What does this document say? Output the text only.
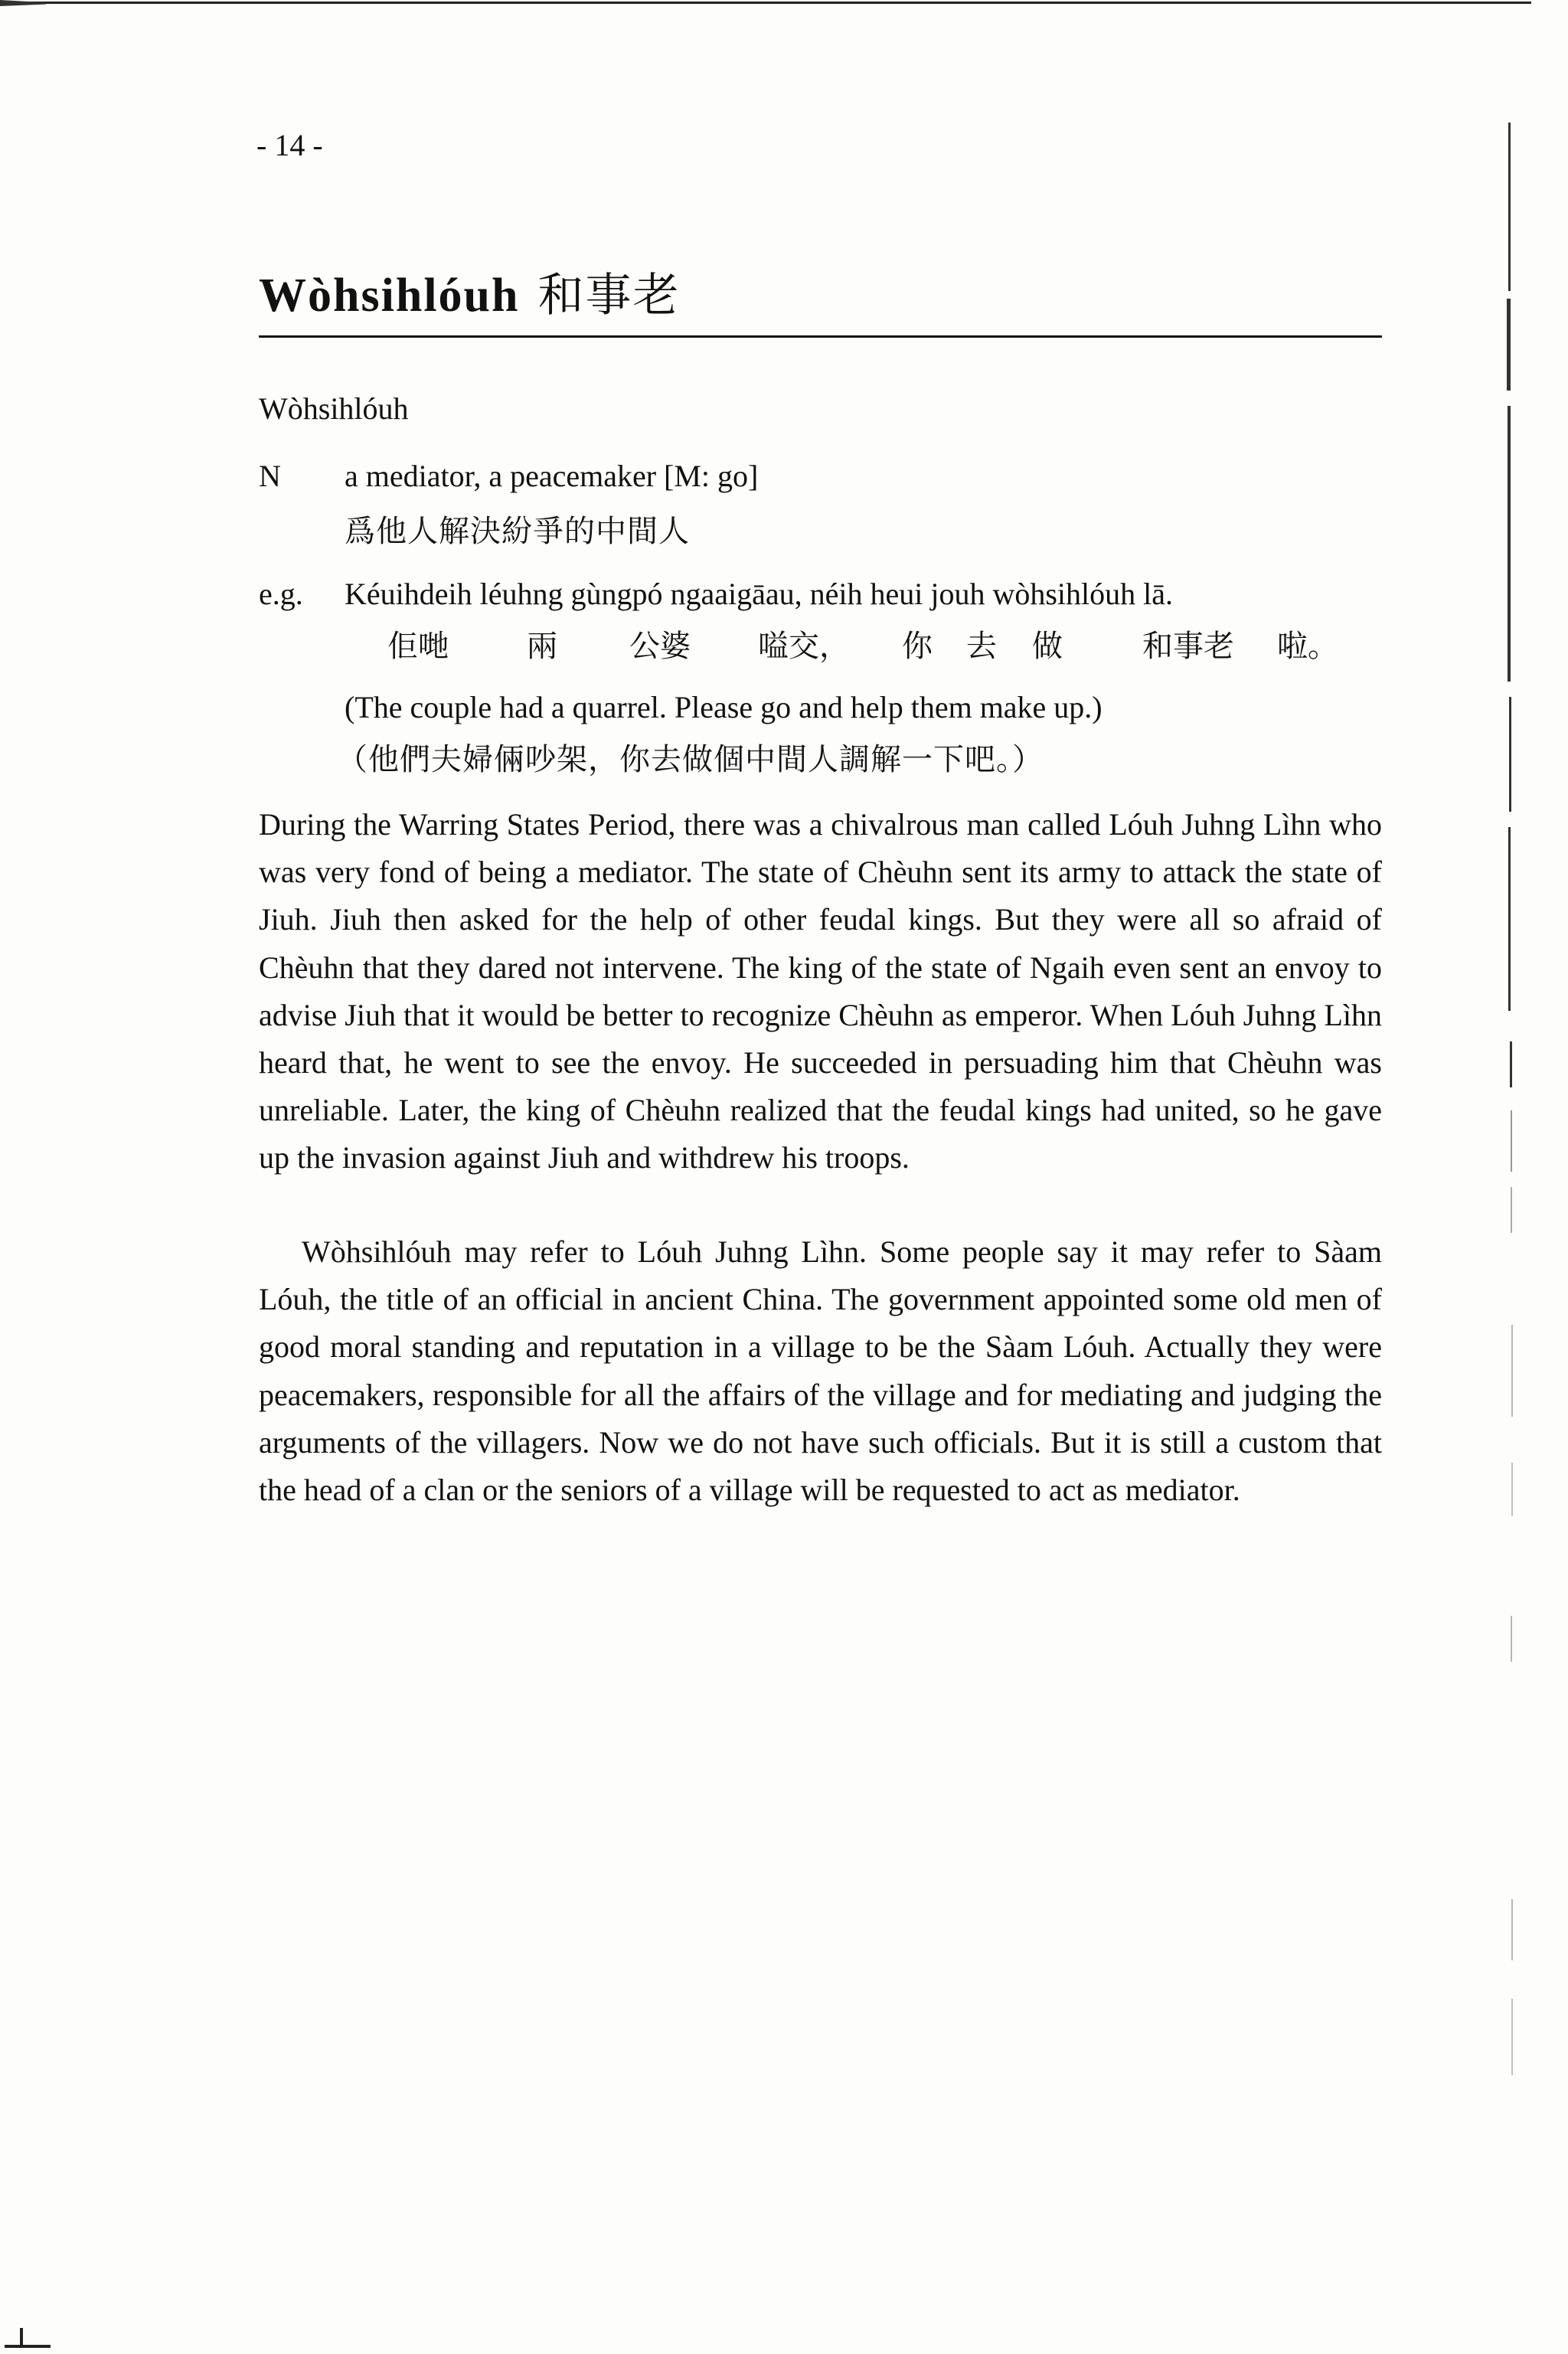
- 14 -
Wòhsihlóuh 和事老
Wòhsihlóuh
N a mediator, a peacemaker [M: go]
爲他人解決紛爭的中間人
e.g. Kéuihdeih léuhng gùngpó ngaaigāau, néih heui jouh wòhsihlóuh lā.
佢哋	兩 公婆 嗌交， 你 去 做	和事老 啦。
(The couple had a quarrel. Please go and help them make up.)
（他們夫婦倆吵架，你去做個中間人調解一下吧。）

During the Warring States Period, there was a chivalrous man called Lóuh Juhng Lìhn who was very fond of being a mediator. The state of Chèuhn sent its army to attack the state of Jiuh. Jiuh then asked for the help of other feudal kings. But they were all so afraid of Chèuhn that they dared not intervene. The king of the state of Ngaih even sent an envoy to advise Jiuh that it would be better to recognize Chèuhn as emperor. When Lóuh Juhng Lìhn heard that, he went to see the envoy. He succeeded in persuading him that Chèuhn was unreliable. Later, the king of Chèuhn realized that the feudal kings had united, so he gave up the invasion against Jiuh and withdrew his troops.

Wòhsihlóuh may refer to Lóuh Juhng Lìhn. Some people say it may refer to Sàam Lóuh, the title of an official in ancient China. The government appointed some old men of good moral standing and reputation in a village to be the Sàam Lóuh. Actually they were peacemakers, responsible for all the affairs of the village and for mediating and judging the arguments of the villagers. Now we do not have such officials. But it is still a custom that the head of a clan or the seniors of a village will be requested to act as mediator.
